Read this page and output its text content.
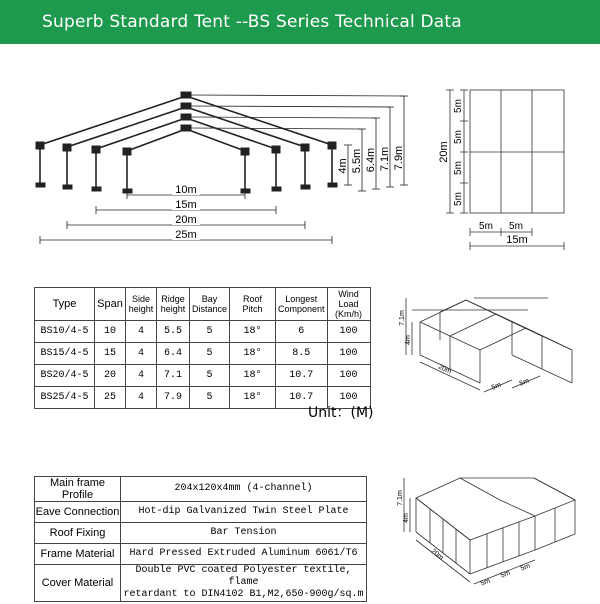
Superb Standard Tent --BS Series Technical Data
10m
15m
20m
25m
4m 5.5m 6.4m 7.1m 7.9m
5m
5m
5m
5m
20m
5m 5m
15m
7.1m
4m
20m
5m 5m
7.1m
4m
20m
5m
5m
5m
Type	Span	Side height	Ridge height	Bay Distance	Roof Pitch	Longest Component	Wind Load (Km/h)
BS10/4-5	10	4	5.5	5	18°	6	100
BS15/4-5	15	4	6.4	5	18°	8.5	100
BS20/4-5	20	4	7.1	5	18°	10.7	100
BS25/4-5	25	4	7.9	5	18°	10.7	100
Unit：(M)
Main frame Profile	204x120x4mm (4-channel)
Eave Connection	Hot-dip Galvanized Twin Steel Plate
Roof Fixing	Bar Tension
Frame Material	Hard Pressed Extruded Aluminum 6061/T6
Cover Material	Double PVC coated Polyester textile, flame
retardant to DIN4102 B1,M2,650-900g/sq.m
